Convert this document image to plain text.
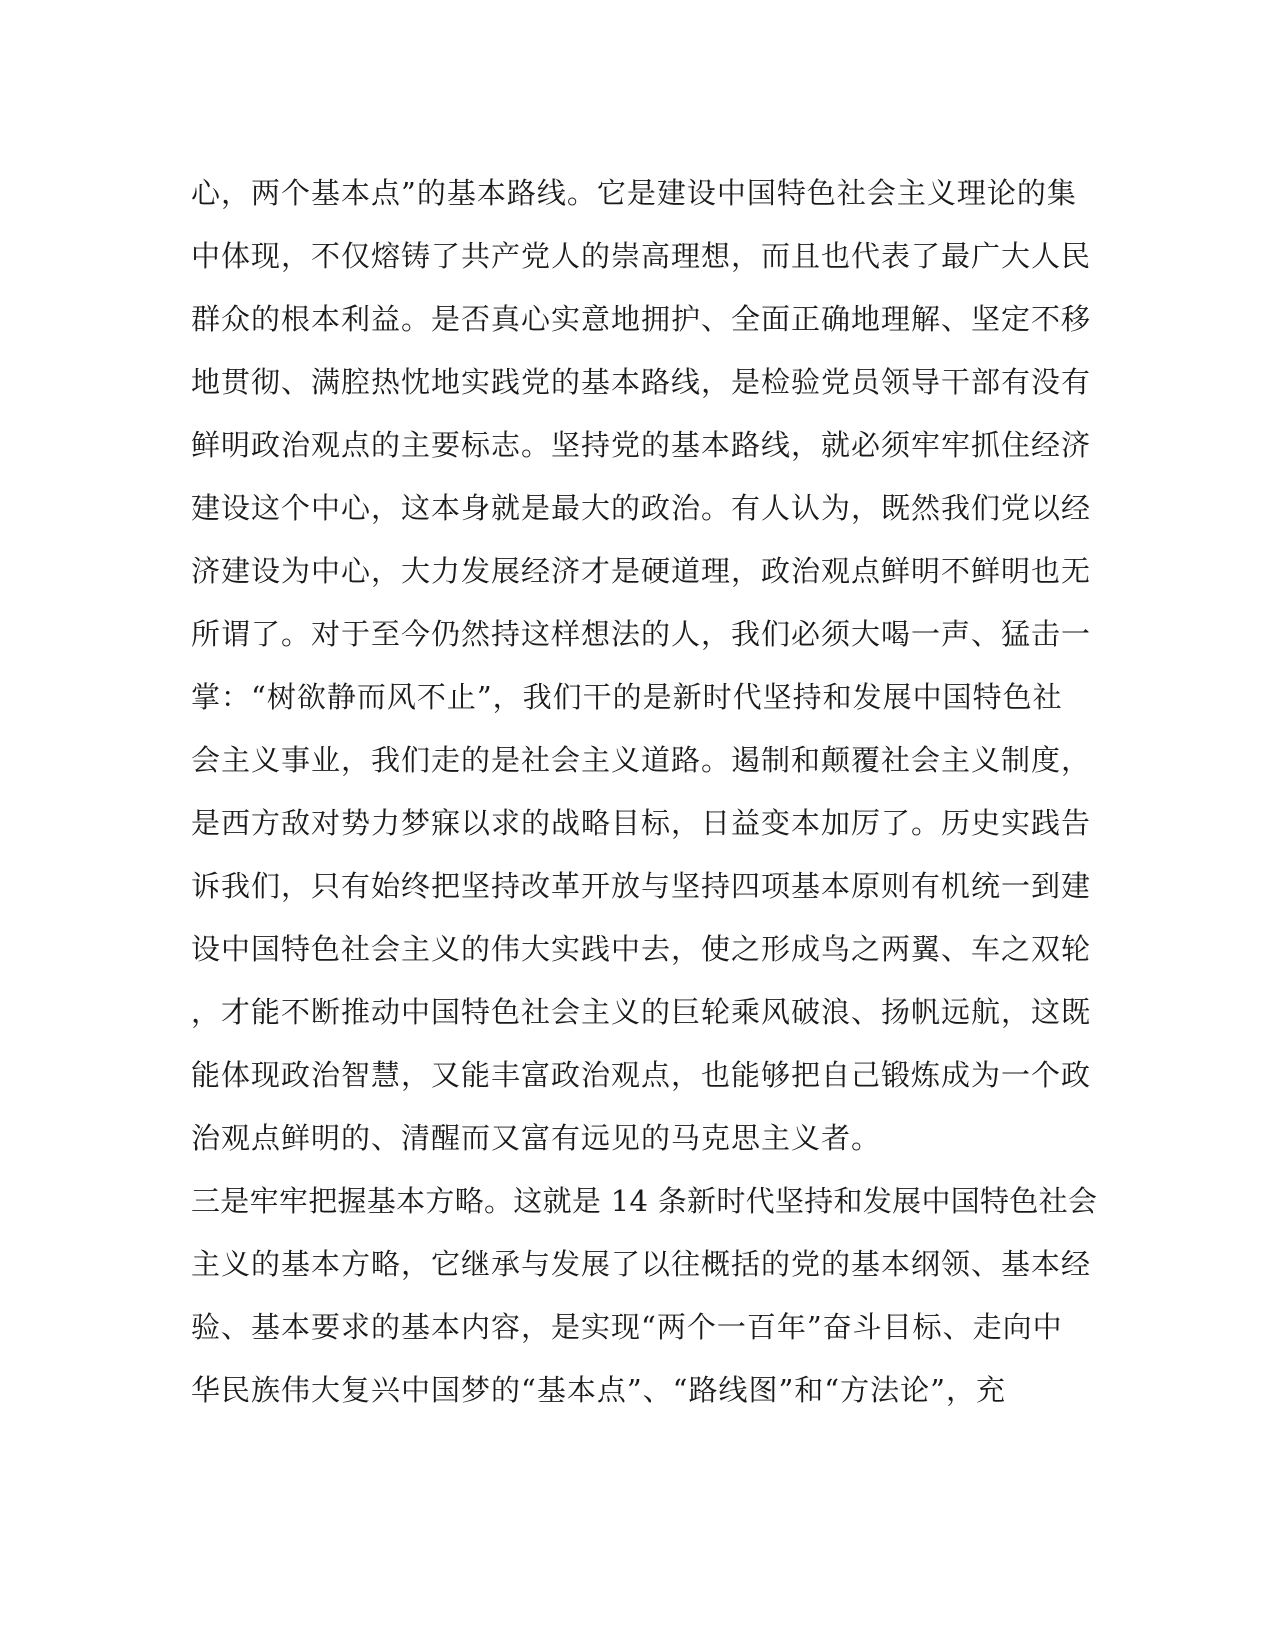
心，两个基本点”的基本路线。它是建设中国特色社会主义理论的集
中体现，不仅熔铸了共产党人的崇高理想，而且也代表了最广大人民
群众的根本利益。是否真心实意地拥护、全面正确地理解、坚定不移
地贯彻、满腔热忱地实践党的基本路线，是检验党员领导干部有没有
鲜明政治观点的主要标志。坚持党的基本路线，就必须牢牢抓住经济
建设这个中心，这本身就是最大的政治。有人认为，既然我们党以经
济建设为中心，大力发展经济才是硬道理，政治观点鲜明不鲜明也无
所谓了。对于至今仍然持这样想法的人，我们必须大喝一声、猛击一
掌：“树欲静而风不止”，我们干的是新时代坚持和发展中国特色社
会主义事业，我们走的是社会主义道路。遏制和颠覆社会主义制度，
是西方敌对势力梦寐以求的战略目标，日益变本加厉了。历史实践告
诉我们，只有始终把坚持改革开放与坚持四项基本原则有机统一到建
设中国特色社会主义的伟大实践中去，使之形成鸟之两翼、车之双轮
，才能不断推动中国特色社会主义的巨轮乘风破浪、扬帆远航，这既
能体现政治智慧，又能丰富政治观点，也能够把自己锻炼成为一个政
治观点鲜明的、清醒而又富有远见的马克思主义者。
三是牢牢把握基本方略。这就是 14 条新时代坚持和发展中国特色社会
主义的基本方略，它继承与发展了以往概括的党的基本纲领、基本经
验、基本要求的基本内容，是实现“两个一百年”奋斗目标、走向中
华民族伟大复兴中国梦的“基本点”、“路线图”和“方法论”，充
